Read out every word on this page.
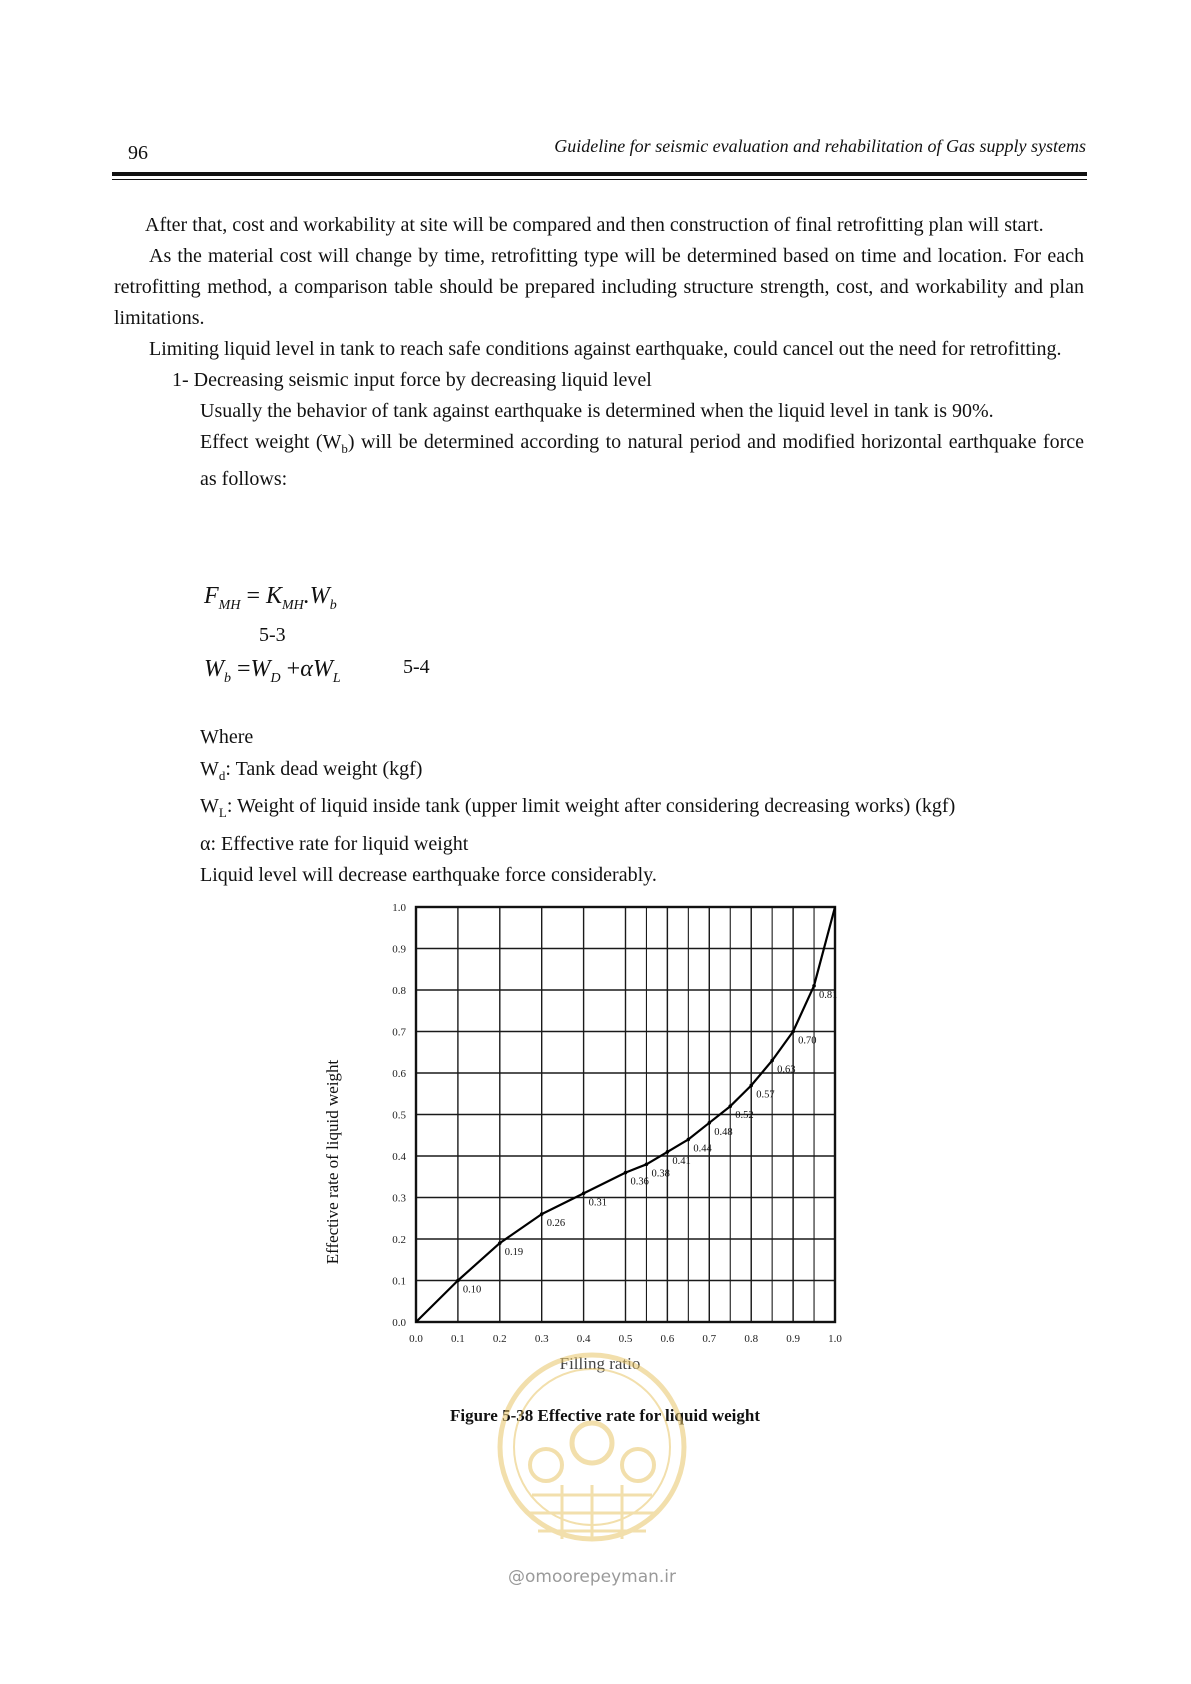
96	Guideline for seismic evaluation and rehabilitation of Gas supply systems

After that, cost and workability at site will be compared and then construction of final retrofitting plan will start.

As the material cost will change by time, retrofitting type will be determined based on time and location. For each retrofitting method, a comparison table should be prepared including structure strength, cost, and workability and plan limitations.

Limiting liquid level in tank to reach safe conditions against earthquake, could cancel out the need for retrofitting.

1- Decreasing seismic input force by decreasing liquid level

Usually the behavior of tank against earthquake is determined when the liquid level in tank is 90%.

Effect weight $(W_b)$ will be determined according to natural period and modified horizontal earthquake force as follows:

$F_{MH} = K_{MH}.W_b$
5-3
$W_b =W_D +\alpha W_L$
5-4
Where
$W_d$: Tank dead weight (kgf)
$W_L$: Weight of liquid inside tank (upper limit weight after considering decreasing works) (kgf)
α: Effective rate for liquid weight
Liquid level will decrease earthquake force considerably.
0.0
0.1
0.2
0.3
0.4
0.5
0.6
0.7
0.8
0.9
1.0
0.0	0.1	0.2	0.3	0.4	0.5	0.6	0.7	0.8	0.9	1.0
0.10
0.19
0.26
0.31
0.36
0.38
0.41
0.44
0.48
0.52
0.57
0.63
0.70
0.81
Effective rate of liquid weight
Filling ratio
Figure 5-38 Effective rate for liquid weight
@omoorepeyman.ir
